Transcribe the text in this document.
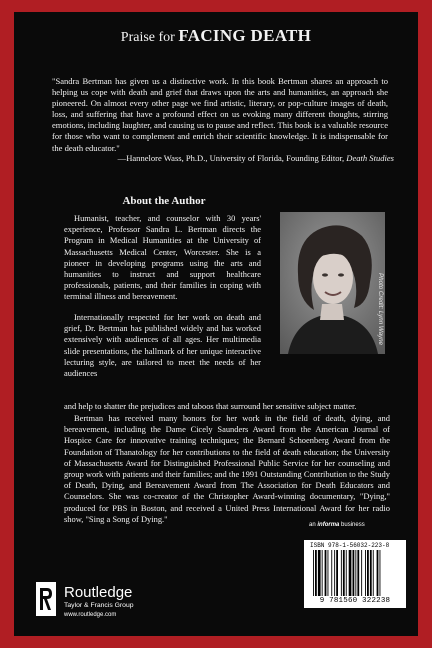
Praise for FACING DEATH

"Sandra Bertman has given us a distinctive work. In this book Bertman shares an approach to helping us cope with death and grief that draws upon the arts and humanities, an approach she pioneered. On almost every other page we find artistic, literary, or pop-culture images of death, loss, and suffering that have a profound effect on us evoking many different thoughts, stirring emotions, including laughter, and causing us to pause and reflect. This book is a valuable resource for those who want to complement and enrich their scientific knowledge. It is indispensable for the death educator."

—Hannelore Wass, Ph.D., University of Florida, Founding Editor, Death Studies

About the Author

Humanist, teacher, and counselor with 30 years' experience, Professor Sandra L. Bertman directs the Program in Medical Humanities at the University of Massachusetts Medical Center, Worcester. She is a pioneer in developing programs using the arts and humanities to instruct and support healthcare professionals, patients, and their families in coping with terminal illness and bereavement.

Internationally respected for her work on death and grief, Dr. Bertman has published widely and has worked extensively with audiences of all ages. Her multimedia slide presentations, the hallmark of her unique interactive lecturing style, are tailored to meet the needs of her audiences

and help to shatter the prejudices and taboos that surround her sensitive subject matter.

Bertman has received many honors for her work in the field of death, dying, and bereavement, including the Dame Cicely Saunders Award from the American Journal of Hospice Care for innovative training techniques; the Bernard Schoenberg Award from the Foundation of Thanatology for her contributions to the field of death education; the University of Massachusetts Award for Distinguished Professional Public Service for her counseling and group work with patients and their families; and the 1991 Outstanding Contribution to the Study of Death, Dying, and Bereavement Award from The Association for Death Educators and Counselors. She was co-creator of the Christopher Award-winning documentary, "Dying," produced for PBS in Boston, and received a United Press International Award for her radio show, "Sing a Song of Dying."

Photo Credit: Lynn Wayne
an informa business
ISBN 978-1-56032-223-8
9 781560 322238
Routledge
Taylor & Francis Group
www.routledge.com
